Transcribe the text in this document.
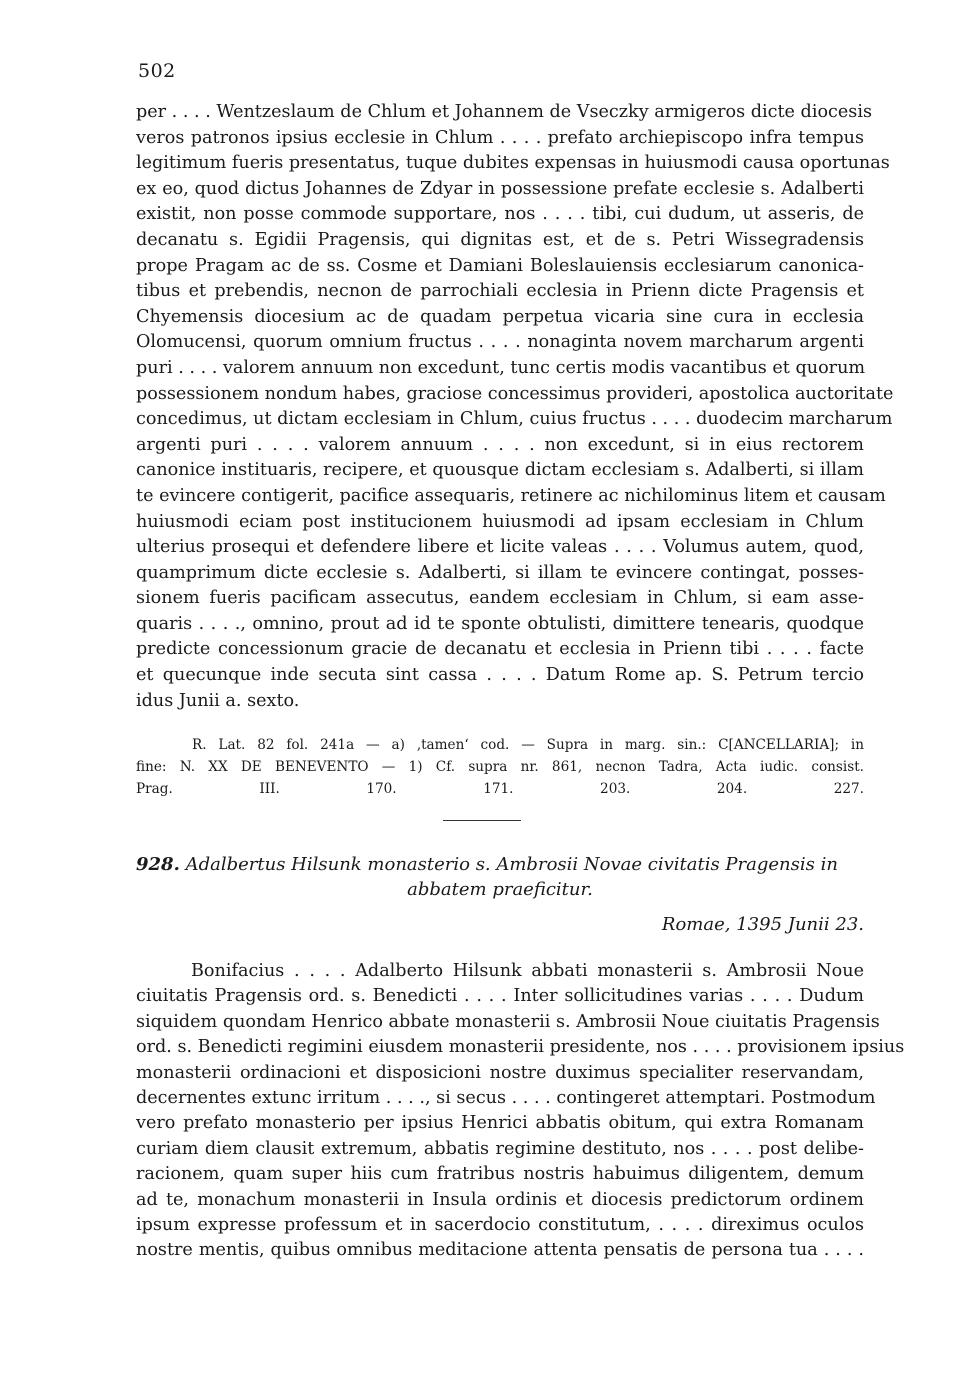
502
per . . . . Wentzeslaum de Chlum et Johannem de Vseczky armigeros dicte diocesis
veros patronos ipsius ecclesie in Chlum . . . . prefato archiepiscopo infra tempus
legitimum fueris presentatus, tuque dubites expensas in huiusmodi causa oportunas
ex eo, quod dictus Johannes de Zdyar in possessione prefate ecclesie s. Adalberti
existit, non posse commode supportare, nos . . . . tibi, cui dudum, ut asseris, de
decanatu s. Egidii Pragensis, qui dignitas est, et de s. Petri Wissegradensis
prope Pragam ac de ss. Cosme et Damiani Boleslauiensis ecclesiarum canonica-
tibus et prebendis, necnon de parrochiali ecclesia in Prienn dicte Pragensis et
Chyemensis diocesium ac de quadam perpetua vicaria sine cura in ecclesia
Olomucensi, quorum omnium fructus . . . . nonaginta novem marcharum argenti
puri . . . . valorem annuum non excedunt, tunc certis modis vacantibus et quorum
possessionem nondum habes, graciose concessimus provideri, apostolica auctoritate
concedimus, ut dictam ecclesiam in Chlum, cuius fructus . . . . duodecim marcharum
argenti puri . . . . valorem annuum . . . . non excedunt, si in eius rectorem
canonice instituaris, recipere, et quousque dictam ecclesiam s. Adalberti, si illam
te evincere contigerit, pacifice assequaris, retinere ac nichilominus litem et causam
huiusmodi eciam post institucionem huiusmodi ad ipsam ecclesiam in Chlum
ulterius prosequi et defendere libere et licite valeas . . . . Volumus autem, quod,
quamprimum dicte ecclesie s. Adalberti, si illam te evincere contingat, posses-
sionem fueris pacificam assecutus, eandem ecclesiam in Chlum, si eam asse-
quaris . . . ., omnino, prout ad id te sponte obtulisti, dimittere tenearis, quodque
predicte concessionum gracie de decanatu et ecclesia in Prienn tibi . . . . facte
et quecunque inde secuta sint cassa . . . . Datum Rome ap. S. Petrum tercio
idus Junii a. sexto.
R. Lat. 82 fol. 241a — a) ‚tamen‘ cod. — Supra in marg. sin.: C[ANCELLARIA]; in
fine: N. XX DE BENEVENTO — 1) Cf. supra nr. 861, necnon Tadra, Acta iudic. consist.
Prag. III. 170. 171. 203. 204. 227.
928. Adalbertus Hilsunk monasterio s. Ambrosii Novae civitatis Pragensis in
abbatem praeficitur.
Romae, 1395 Junii 23.
Bonifacius . . . . Adalberto Hilsunk abbati monasterii s. Ambrosii Noue
ciuitatis Pragensis ord. s. Benedicti . . . . Inter sollicitudines varias . . . . Dudum
siquidem quondam Henrico abbate monasterii s. Ambrosii Noue ciuitatis Pragensis
ord. s. Benedicti regimini eiusdem monasterii presidente, nos . . . . provisionem ipsius
monasterii ordinacioni et disposicioni nostre duximus specialiter reservandam,
decernentes extunc irritum . . . ., si secus . . . . contingeret attemptari. Postmodum
vero prefato monasterio per ipsius Henrici abbatis obitum, qui extra Romanam
curiam diem clausit extremum, abbatis regimine destituto, nos . . . . post delibe-
racionem, quam super hiis cum fratribus nostris habuimus diligentem, demum
ad te, monachum monasterii in Insula ordinis et diocesis predictorum ordinem
ipsum expresse professum et in sacerdocio constitutum, . . . . direximus oculos
nostre mentis, quibus omnibus meditacione attenta pensatis de persona tua . . . .
